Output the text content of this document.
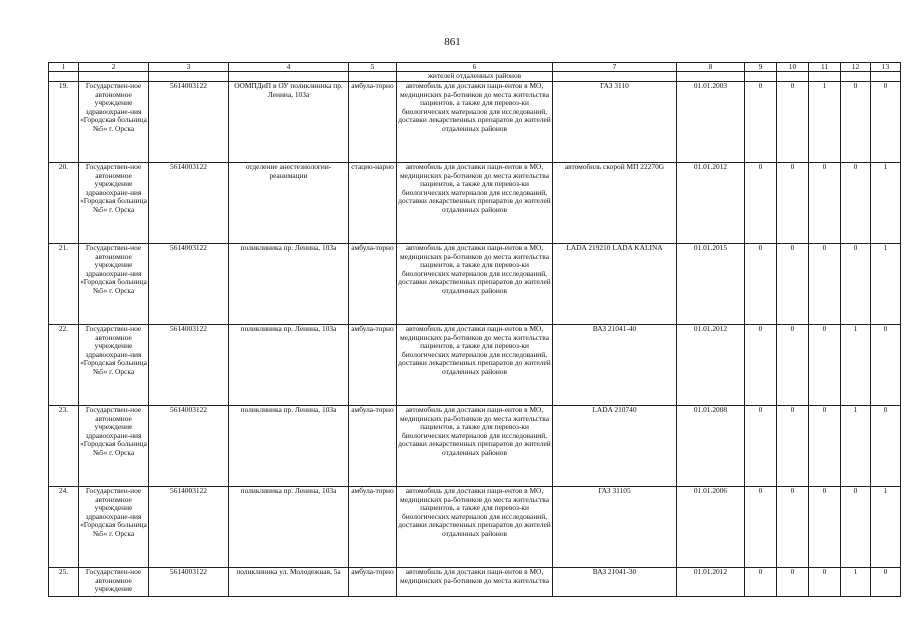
861
1	2	3	4	5	6	7	8	9	10	11	12	13
					жителей отдаленных районов							
19.	Государствен-ное автономное учреждение здравоохране-ния «Городская больница №5» г. Орска	5614003122	ООМПДиП в ОУ поликлиника пр. Ленина, 103а	амбула-торно	автомобиль для доставки паци-ентов в МО, медицинских ра-ботников до места жительства пациентов, а также для перевоз-ки биологических материалов для исследований, доставки лекарственных препаратов до жителей отдаленных районов	ГАЗ 3110	01.01.2003	0	0	1	0	0
20.	Государствен-ное автономное учреждение здравоохране-ния «Городская больница №5» г. Орска	5614003122	отделение анестезиологии-реанимации	стацио-нарно	автомобиль для доставки паци-ентов в МО, медицинских ра-ботников до места жительства пациентов, а также для перевоз-ки биологических материалов для исследований, доставки лекарственных препаратов до жителей отдаленных районов	автомобиль скорой МП 22270G	01.01.2012	0	0	0	0	1
21.	Государствен-ное автономное учреждение здравоохране-ния «Городская больница №5» г. Орска	5614003122	поликлиника пр. Ленина, 103а	амбула-торно	автомобиль для доставки паци-ентов в МО, медицинских ра-ботников до места жительства пациентов, а также для перевоз-ки биологических материалов для исследований, доставки лекарственных препаратов до жителей отдаленных районов	LADA 219210 LADA KALINA	01.01.2015	0	0	0	0	1
22.	Государствен-ное автономное учреждение здравоохране-ния «Городская больница №5» г. Орска	5614003122	поликлиника пр. Ленина, 103а	амбула-торно	автомобиль для доставки паци-ентов в МО, медицинских ра-ботников до места жительства пациентов, а также для перевоз-ки биологических материалов для исследований, доставки лекарственных препаратов до жителей отдаленных районов	ВАЗ 21041-40	01.01.2012	0	0	0	1	0
23.	Государствен-ное автономное учреждение здравоохране-ния «Городская больница №5» г. Орска	5614003122	поликлиника пр. Ленина, 103а	амбула-торно	автомобиль для доставки паци-ентов в МО, медицинских ра-ботников до места жительства пациентов, а также для перевоз-ки биологических материалов для исследований, доставки лекарственных препаратов до жителей отдаленных районов	LADA 210740	01.01.2008	0	0	0	1	0
24.	Государствен-ное автономное учреждение здравоохране-ния «Городская больница №5» г. Орска	5614003122	поликлиника пр. Ленина, 103а	амбула-торно	автомобиль для доставки паци-ентов в МО, медицинских ра-ботников до места жительства пациентов, а также для перевоз-ки биологических материалов для исследований, доставки лекарственных препаратов до жителей отдаленных районов	ГАЗ 31105	01.01.2006	0	0	0	0	1
25.	Государствен-ное автономное учреждение	5614003122	поликлиника ул. Молодежная, 5а	амбула-торно	автомобиль для доставки паци-ентов в МО, медицинских ра-ботников до места жительства	ВАЗ 21041-30	01.01.2012	0	0	0	1	0
